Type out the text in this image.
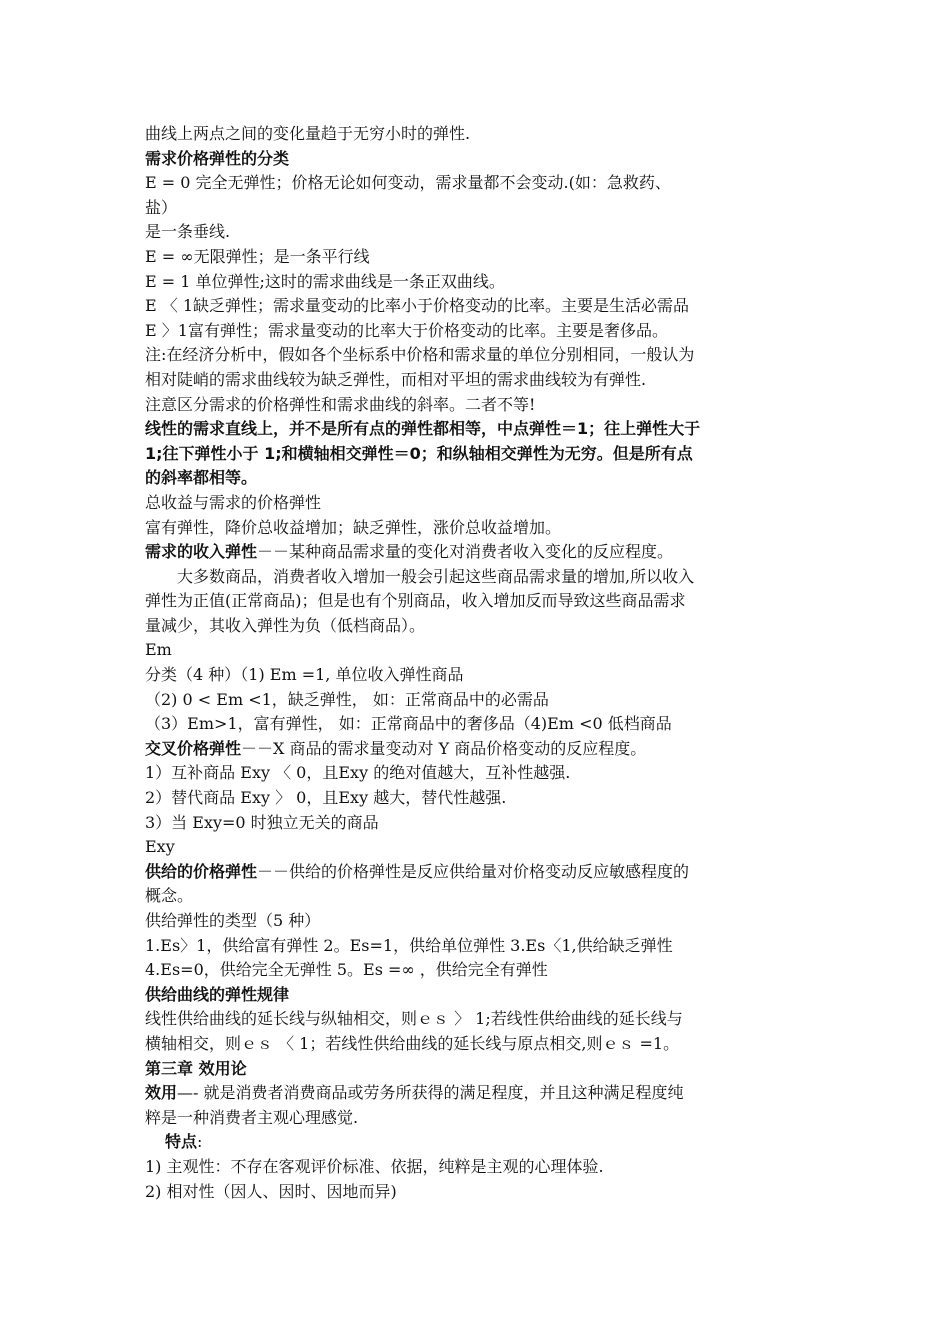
曲线上两点之间的变化量趋于无穷小时的弹性.
需求价格弹性的分类
E = 0 完全无弹性；价格无论如何变动，需求量都不会变动.(如：急救药、
盐）
是一条垂线.
E = ∞无限弹性；是一条平行线
E = 1 单位弹性;这时的需求曲线是一条正双曲线。
E 〈 1缺乏弹性；需求量变动的比率小于价格变动的比率。主要是生活必需品
E 〉1富有弹性；需求量变动的比率大于价格变动的比率。主要是奢侈品。
注:在经济分析中，假如各个坐标系中价格和需求量的单位分别相同，一般认为
相对陡峭的需求曲线较为缺乏弹性，而相对平坦的需求曲线较为有弹性.
注意区分需求的价格弹性和需求曲线的斜率。二者不等!
线性的需求直线上，并不是所有点的弹性都相等，中点弹性＝1；往上弹性大于
1;往下弹性小于 1;和横轴相交弹性＝0；和纵轴相交弹性为无穷。但是所有点
的斜率都相等。
总收益与需求的价格弹性
富有弹性，降价总收益增加；缺乏弹性，涨价总收益增加。
需求的收入弹性－－某种商品需求量的变化对消费者收入变化的反应程度。
大多数商品，消费者收入增加一般会引起这些商品需求量的增加,所以收入
弹性为正值(正常商品)；但是也有个别商品，收入增加反而导致这些商品需求
量减少，其收入弹性为负（低档商品）。
Em
分类（4 种）（1) Em =1, 单位收入弹性商品
（2) 0 < Em <1，缺乏弹性， 如：正常商品中的必需品
（3）Em>1，富有弹性， 如：正常商品中的奢侈品（4)Em <0 低档商品
交叉价格弹性－－X 商品的需求量变动对 Y 商品价格变动的反应程度。
1）互补商品 Exy 〈 0，且Exy 的绝对值越大，互补性越强.
2）替代商品 Exy 〉 0，且Exy 越大，替代性越强.
3）当 Exy=0 时独立无关的商品
Exy
供给的价格弹性－－供给的价格弹性是反应供给量对价格变动反应敏感程度的
概念。
供给弹性的类型（5 种）
1.Es〉1，供给富有弹性 2。Es=1，供给单位弹性 3.Es〈1,供给缺乏弹性
4.Es=0，供给完全无弹性 5。Es =∞ ，供给完全有弹性
供给曲线的弹性规律
线性供给曲线的延长线与纵轴相交，则ｅｓ 〉 1;若线性供给曲线的延长线与
横轴相交，则ｅｓ 〈 1；若线性供给曲线的延长线与原点相交,则ｅｓ =1。
第三章 效用论
效用—- 就是消费者消费商品或劳务所获得的满足程度，并且这种满足程度纯
粹是一种消费者主观心理感觉.
特点:
1) 主观性：不存在客观评价标准、依据，纯粹是主观的心理体验.
2) 相对性（因人、因时、因地而异)
